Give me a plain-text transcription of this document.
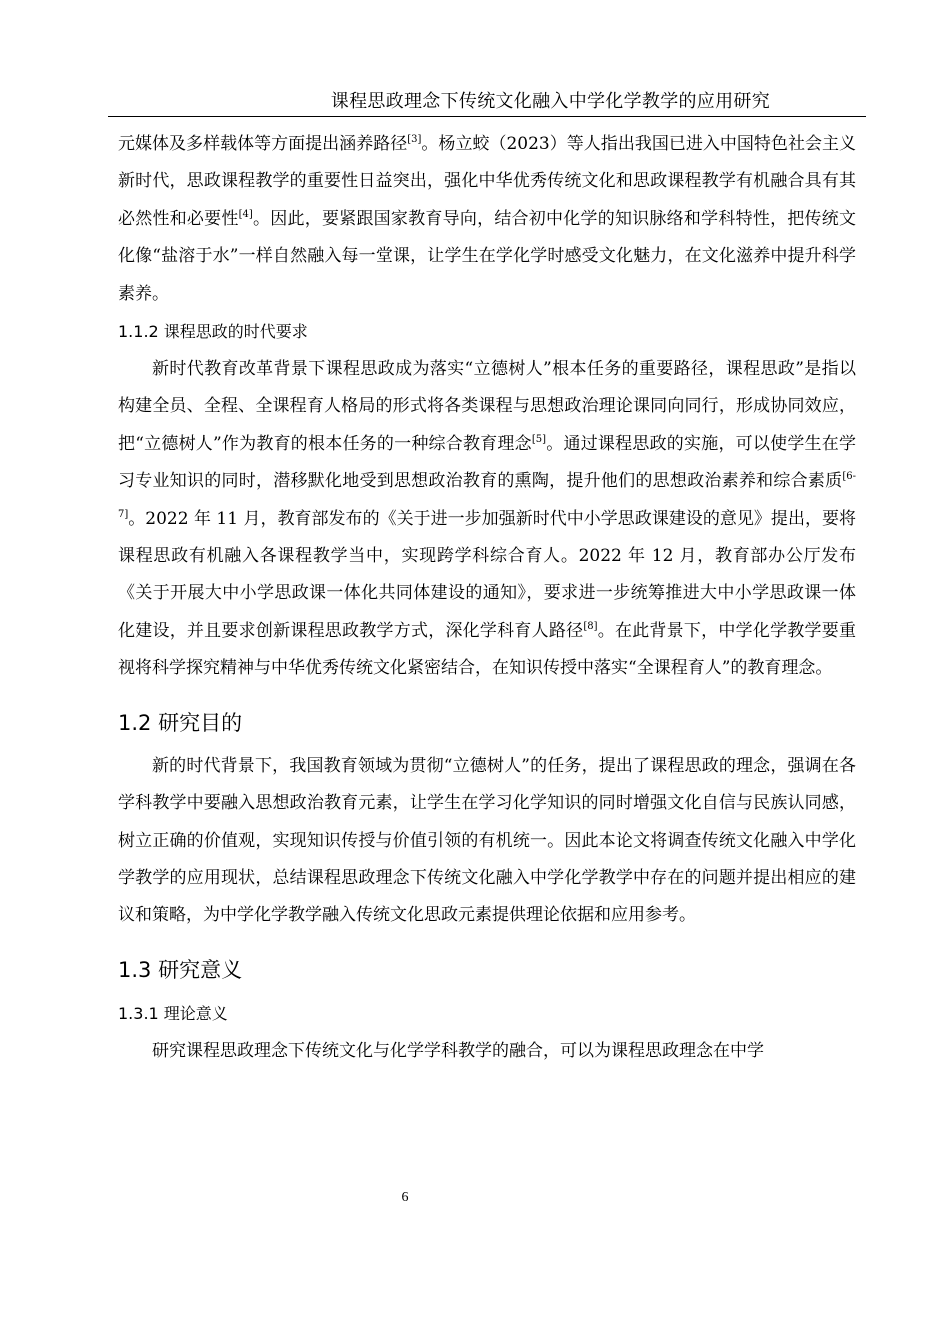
课程思政理念下传统文化融入中学化学教学的应用研究

元媒体及多样载体等方面提出涵养路径[3]。杨立蛟（2023）等人指出我国已进入中国特色社会主义新时代，思政课程教学的重要性日益突出，强化中华优秀传统文化和思政课程教学有机融合具有其必然性和必要性[4]。因此，要紧跟国家教育导向，结合初中化学的知识脉络和学科特性，把传统文化像“盐溶于水”一样自然融入每一堂课，让学生在学化学时感受文化魅力，在文化滋养中提升科学素养。

1.1.2 课程思政的时代要求

新时代教育改革背景下课程思政成为落实“立德树人”根本任务的重要路径，课程思政”是指以构建全员、全程、全课程育人格局的形式将各类课程与思想政治理论课同向同行，形成协同效应，把“立德树人”作为教育的根本任务的一种综合教育理念[5]。通过课程思政的实施，可以使学生在学习专业知识的同时，潜移默化地受到思想政治教育的熏陶，提升他们的思想政治素养和综合素质[6-7]。2022 年 11 月，教育部发布的《关于进一步加强新时代中小学思政课建设的意见》提出，要将课程思政有机融入各课程教学当中，实现跨学科综合育人。2022 年 12 月，教育部办公厅发布《关于开展大中小学思政课一体化共同体建设的通知》，要求进一步统筹推进大中小学思政课一体化建设，并且要求创新课程思政教学方式，深化学科育人路径[8]。在此背景下，中学化学教学要重视将科学探究精神与中华优秀传统文化紧密结合，在知识传授中落实“全课程育人”的教育理念。

1.2 研究目的

新的时代背景下，我国教育领域为贯彻“立德树人”的任务，提出了课程思政的理念，强调在各学科教学中要融入思想政治教育元素，让学生在学习化学知识的同时增强文化自信与民族认同感，树立正确的价值观，实现知识传授与价值引领的有机统一。因此本论文将调查传统文化融入中学化学教学的应用现状，总结课程思政理念下传统文化融入中学化学教学中存在的问题并提出相应的建议和策略，为中学化学教学融入传统文化思政元素提供理论依据和应用参考。

1.3 研究意义
1.3.1 理论意义

研究课程思政理念下传统文化与化学学科教学的融合，可以为课程思政理念在中学

6
